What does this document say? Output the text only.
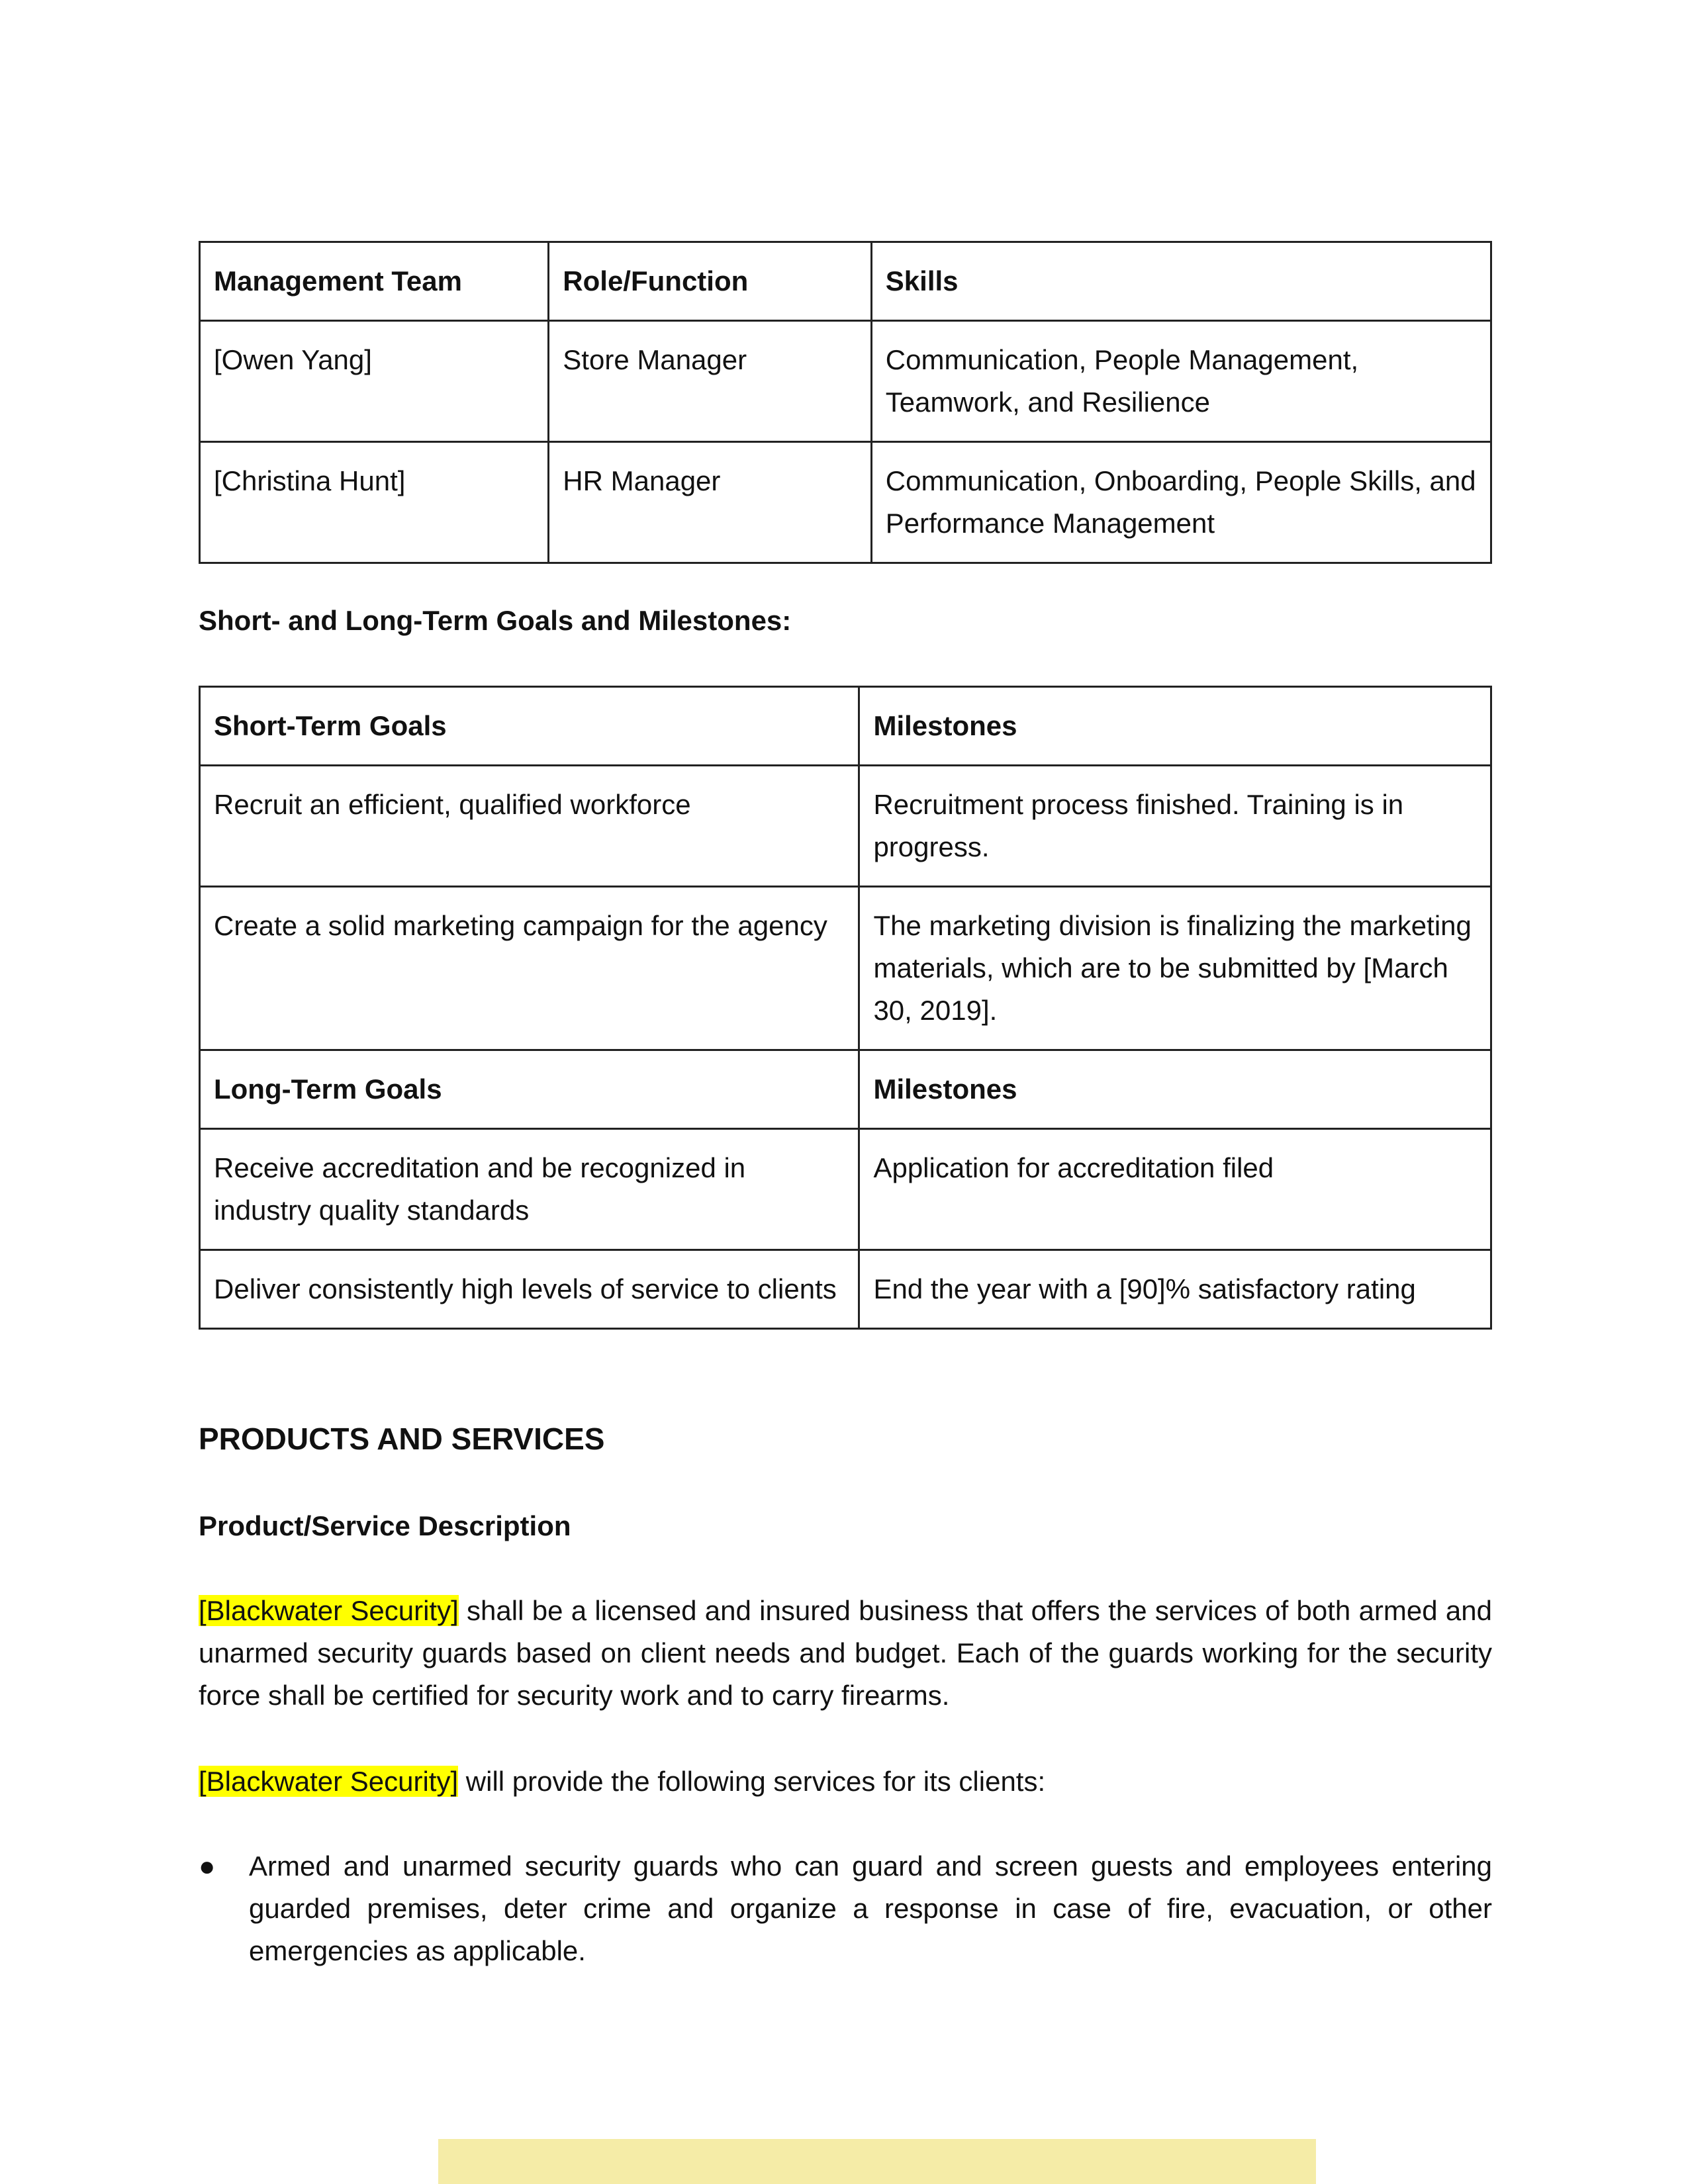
Management Team	Role/Function	Skills
[Owen Yang]	Store Manager	Communication, People Management, Teamwork, and Resilience
[Christina Hunt]	HR Manager	Communication, Onboarding, People Skills, and Performance Management

Short- and Long-Term Goals and Milestones:

Short-Term Goals	Milestones
Recruit an efficient, qualified workforce	Recruitment process finished. Training is in progress.
Create a solid marketing campaign for the agency	The marketing division is finalizing the marketing materials, which are to be submitted by [March 30, 2019].
Long-Term Goals	Milestones
Receive accreditation and be recognized in industry quality standards	Application for accreditation filed
Deliver consistently high levels of service to clients	End the year with a [90]% satisfactory rating
PRODUCTS AND SERVICES

Product/Service Description

[Blackwater Security] shall be a licensed and insured business that offers the services of both armed and unarmed security guards based on client needs and budget. Each of the guards working for the security force shall be certified for security work and to carry firearms.

[Blackwater Security] will provide the following services for its clients:

●	Armed and unarmed security guards who can guard and screen guests and employees entering guarded premises, deter crime and organize a response in case of fire, evacuation, or other emergencies as applicable.
